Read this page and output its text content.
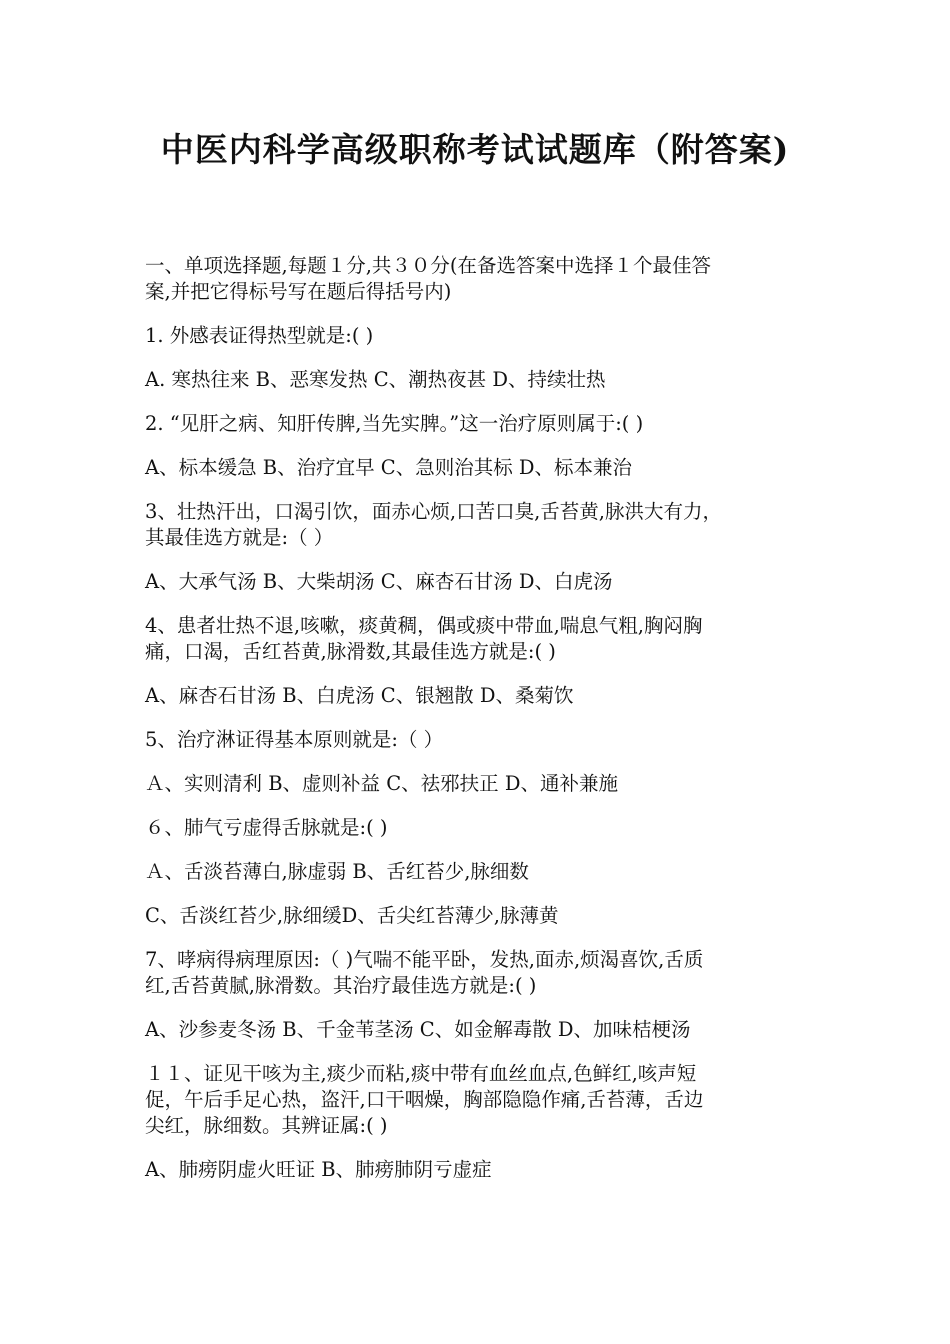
中医内科学高级职称考试试题库（附答案)

一、单项选择题,每题１分,共３０分(在备选答案中选择１个最佳答

案,并把它得标号写在题后得括号内)

1. 外感表证得热型就是:( )

A. 寒热往来 B、恶寒发热 C、潮热夜甚 D、持续壮热

2. “见肝之病、知肝传脾,当先实脾。”这一治疗原则属于:( )

A、标本缓急 B、治疗宜早 C、急则治其标 D、标本兼治

3、壮热汗出，口渴引饮，面赤心烦,口苦口臭,舌苔黄,脉洪大有力，

其最佳选方就是:（ ）

A、大承气汤 B、大柴胡汤 C、麻杏石甘汤 D、白虎汤

4、患者壮热不退,咳嗽，痰黄稠，偶或痰中带血,喘息气粗,胸闷胸

痛，口渴，舌红苔黄,脉滑数,其最佳选方就是:( )

A、麻杏石甘汤 B、白虎汤 C、银翘散 D、桑菊饮

5、治疗淋证得基本原则就是:（ ）

Ａ、实则清利 B、虚则补益 C、祛邪扶正 D、通补兼施

６、肺气亏虚得舌脉就是:( )

Ａ、舌淡苔薄白,脉虚弱 B、舌红苔少,脉细数

C、舌淡红苔少,脉细缓D、舌尖红苔薄少,脉薄黄

7、哮病得病理原因:（ )气喘不能平卧，发热,面赤,烦渴喜饮,舌质

红,舌苔黄腻,脉滑数。其治疗最佳选方就是:( )

A、沙参麦冬汤 B、千金苇茎汤 C、如金解毒散 D、加味桔梗汤

１１、证见干咳为主,痰少而粘,痰中带有血丝血点,色鲜红,咳声短

促，午后手足心热，盗汗,口干咽燥，胸部隐隐作痛,舌苔薄，舌边

尖红，脉细数。其辨证属:( )

A、肺痨阴虚火旺证 B、肺痨肺阴亏虚症
